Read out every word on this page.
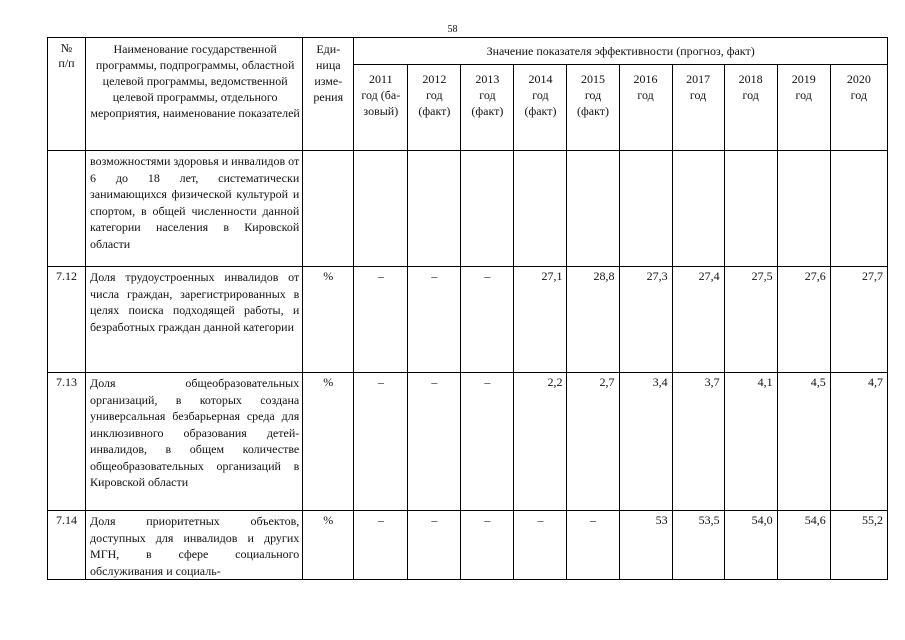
58
№
п/п	Наименование государственной программы, подпрограммы, областной целевой программы, ведомственной целевой программы, отдельного мероприятия, наименование показателей	Еди-
ница
изме-
рения	Значение показателя эффективности (прогноз, факт)									
			2011
год (ба-
зовый)	2012
год
(факт)	2013
год
(факт)	2014
год
(факт)	2015
год
(факт)	2016
год	2017
год	2018
год	2019
год	2020
год
	возможностями здоровья и инвалидов от 6 до 18 лет, систематически занимающихся физической культурой и спортом, в общей численности данной категории населения в Кировской области											
7.12	Доля трудоустроенных инвалидов от числа граждан, зарегистрированных в целях поиска подходящей работы, и безработных граждан данной категории	%	–	–	–	27,1	28,8	27,3	27,4	27,5	27,6	27,7
7.13	Доля общеобразовательных организаций, в которых создана универсальная безбарьерная среда для инклюзивного образования детей-инвалидов, в общем количестве общеобразовательных организаций в Кировской области	%	–	–	–	2,2	2,7	3,4	3,7	4,1	4,5	4,7
7.14	Доля приоритетных объектов, доступных для инвалидов и других МГН, в сфере социального обслуживания и социаль-	%	–	–	–	–	–	53	53,5	54,0	54,6	55,2
